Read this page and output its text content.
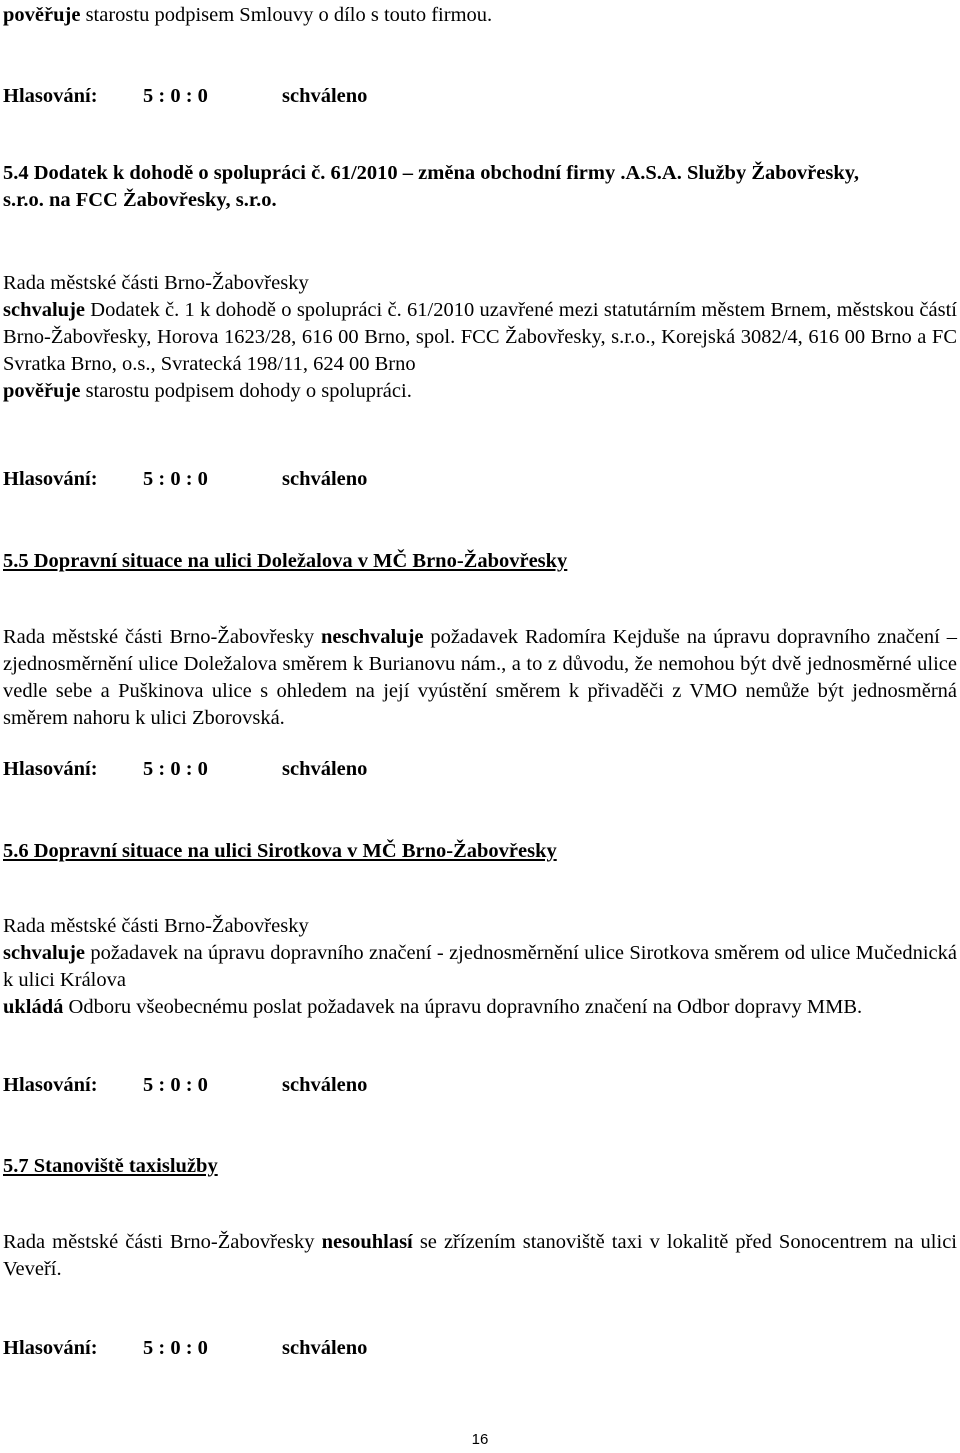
pověřuje starostu podpisem Smlouvy o dílo s touto firmou.

Hlasování: 5 : 0 : 0	schváleno

5.4 Dodatek k dohodě o spolupráci č. 61/2010 – změna obchodní firmy .A.S.A. Služby Žabovřesky, s.r.o. na FCC Žabovřesky, s.r.o.

Rada městské části Brno-Žabovřesky

schvaluje Dodatek č. 1 k dohodě o spolupráci č. 61/2010 uzavřené mezi statutárním městem Brnem, městskou částí Brno-Žabovřesky, Horova 1623/28, 616 00 Brno, spol. FCC Žabovřesky, s.r.o., Korejská 3082/4, 616 00 Brno a FC Svratka Brno, o.s., Svratecká 198/11, 624 00 Brno

pověřuje starostu podpisem dohody o spolupráci.

Hlasování: 5 : 0 : 0	schváleno

5.5 Dopravní situace na ulici Doležalova v MČ Brno-Žabovřesky

Rada městské části Brno-Žabovřesky neschvaluje požadavek Radomíra Kejduše na úpravu dopravního značení – zjednosměrnění ulice Doležalova směrem k Burianovu nám., a to z důvodu, že nemohou být dvě jednosměrné ulice vedle sebe a Puškinova ulice s ohledem na její vyústění směrem k přivaděči z VMO nemůže být jednosměrná směrem nahoru k ulici Zborovská.

Hlasování: 5 : 0 : 0	schváleno

5.6 Dopravní situace na ulici Sirotkova v MČ Brno-Žabovřesky

Rada městské části Brno-Žabovřesky

schvaluje požadavek na úpravu dopravního značení - zjednosměrnění ulice Sirotkova směrem od ulice Mučednická k ulici Králova

ukládá Odboru všeobecnému poslat požadavek na úpravu dopravního značení na Odbor dopravy MMB.

Hlasování: 5 : 0 : 0	schváleno

5.7 Stanoviště taxislužby

Rada městské části Brno-Žabovřesky nesouhlasí se zřízením stanoviště taxi v lokalitě před Sonocentrem na ulici Veveří.

Hlasování: 5 : 0 : 0	schváleno

16
